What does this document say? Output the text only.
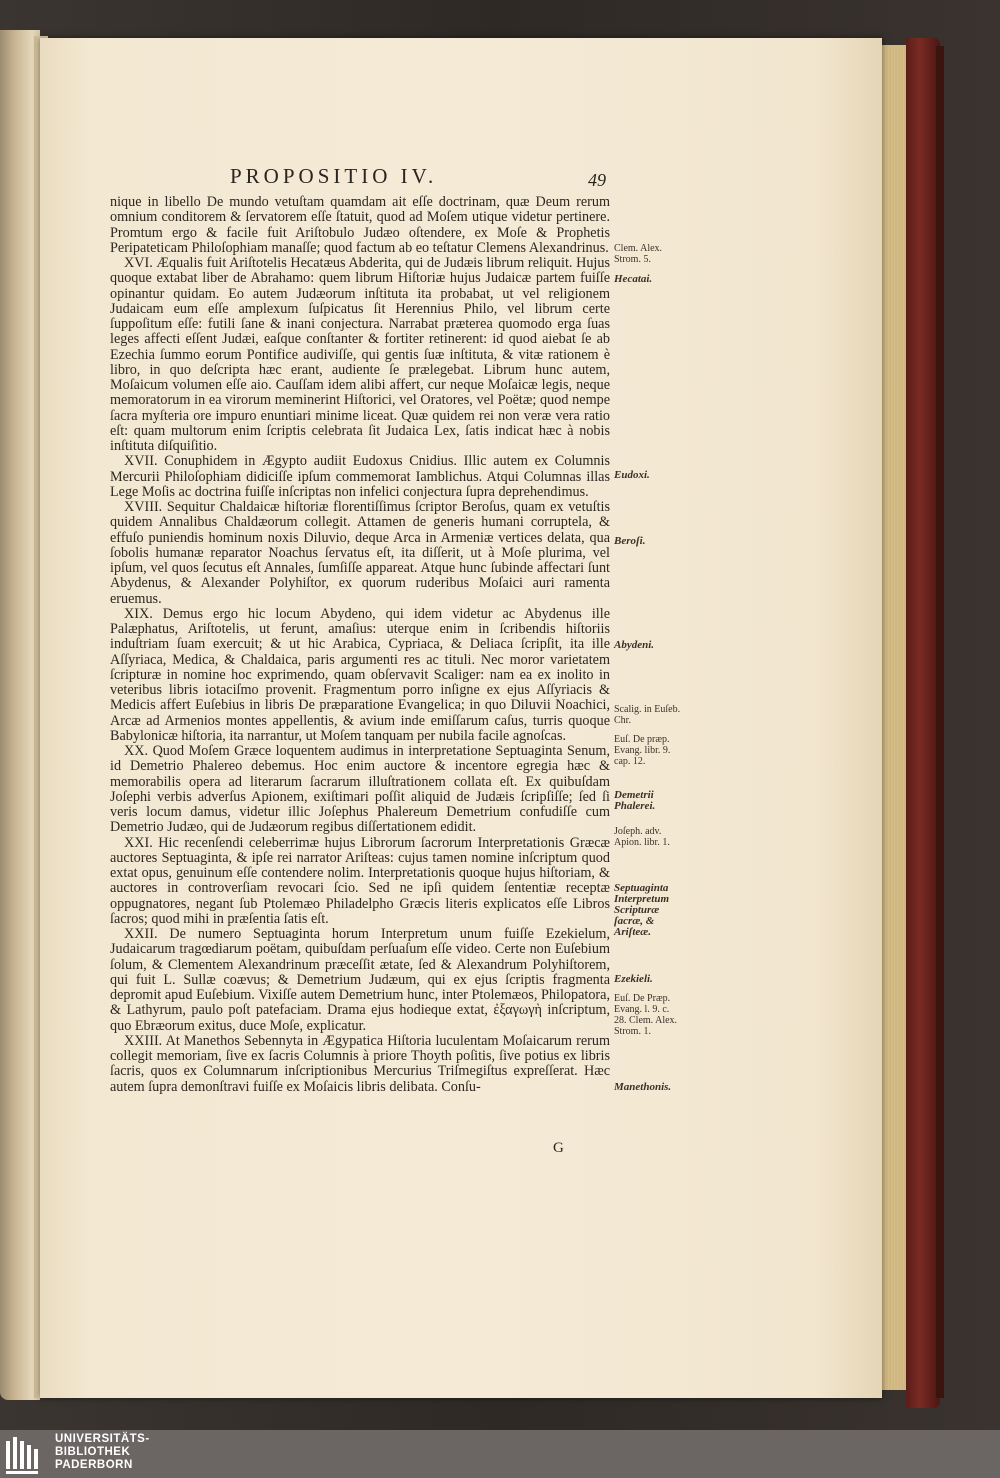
PROPOSITIO IV.	49

nique in libello De mundo vetuſtam quamdam ait eſſe doctrinam, quæ Deum rerum omnium conditorem & ſervatorem eſſe ſtatuit, quod ad Moſem utique videtur pertinere. Promtum ergo & facile fuit Ariſtobulo Judæo oſtendere, ex Moſe & Prophetis Peripateticam Philoſophiam manaſſe; quod factum ab eo teſtatur Clemens Alexandrinus.

XVI. Æqualis fuit Ariſtotelis Hecatæus Abderita, qui de Judæis librum reliquit. Hujus quoque extabat liber de Abrahamo: quem librum Hiſtoriæ hujus Judaicæ partem fuiſſe opinantur quidam. Eo autem Judæorum inſtituta ita probabat, ut vel religionem Judaicam eum eſſe amplexum ſuſpicatus ſit Herennius Philo, vel librum certe ſuppoſitum eſſe: futili ſane & inani conjectura. Narrabat præterea quomodo erga ſuas leges affecti eſſent Judæi, eaſque conſtanter & fortiter retinerent: id quod aiebat ſe ab Ezechia ſummo eorum Pontifice audiviſſe, qui gentis ſuæ inſtituta, & vitæ rationem è libro, in quo deſcripta hæc erant, audiente ſe prælegebat. Librum hunc autem, Moſaicum volumen eſſe aio. Cauſſam idem alibi affert, cur neque Moſaicæ legis, neque memoratorum in ea virorum meminerint Hiſtorici, vel Oratores, vel Poëtæ; quod nempe ſacra myſteria ore impuro enuntiari minime liceat. Quæ quidem rei non veræ vera ratio eſt: quam multorum enim ſcriptis celebrata ſit Judaica Lex, ſatis indicat hæc à nobis inſtituta diſquiſitio.

XVII. Conuphidem in Ægypto audiit Eudoxus Cnidius. Illic autem ex Columnis Mercurii Philoſophiam didiciſſe ipſum commemorat Iamblichus. Atqui Columnas illas Lege Moſis ac doctrina fuiſſe inſcriptas non infelici conjectura ſupra deprehendimus.

XVIII. Sequitur Chaldaicæ hiſtoriæ florentiſſimus ſcriptor Beroſus, quam ex vetuſtis quidem Annalibus Chaldæorum collegit. Attamen de generis humani corruptela, & effuſo puniendis hominum noxis Diluvio, deque Arca in Armeniæ vertices delata, qua ſobolis humanæ reparator Noachus ſervatus eſt, ita diſſerit, ut à Moſe plurima, vel ipſum, vel quos ſecutus eſt Annales, ſumſiſſe appareat. Atque hunc ſubinde affectari ſunt Abydenus, & Alexander Polyhiſtor, ex quorum ruderibus Moſaici auri ramenta eruemus.

XIX. Demus ergo hic locum Abydeno, qui idem videtur ac Abydenus ille Palæphatus, Ariſtotelis, ut ferunt, amaſius: uterque enim in ſcribendis hiſtoriis induſtriam ſuam exercuit; & ut hic Arabica, Cypriaca, & Deliaca ſcripſit, ita ille Aſſyriaca, Medica, & Chaldaica, paris argumenti res ac tituli. Nec moror varietatem ſcripturæ in nomine hoc exprimendo, quam obſervavit Scaliger: nam ea ex inolito in veteribus libris iotaciſmo provenit. Fragmentum porro inſigne ex ejus Aſſyriacis & Medicis affert Euſebius in libris De præparatione Evangelica; in quo Diluvii Noachici, Arcæ ad Armenios montes appellentis, & avium inde emiſſarum caſus, turris quoque Babylonicæ hiſtoria, ita narrantur, ut Moſem tanquam per nubila facile agnoſcas.

XX. Quod Moſem Græce loquentem audimus in interpretatione Septuaginta Senum, id Demetrio Phalereo debemus. Hoc enim auctore & incentore egregia hæc & memorabilis opera ad literarum ſacrarum illuſtrationem collata eſt. Ex quibuſdam Joſephi verbis adverſus Apionem, exiſtimari poſſit aliquid de Judæis ſcripſiſſe; ſed ſi veris locum damus, videtur illic Joſephus Phalereum Demetrium confudiſſe cum Demetrio Judæo, qui de Judæorum regibus diſſertationem edidit.

XXI. Hic recenſendi celeberrimæ hujus Librorum ſacrorum Interpretationis Græcæ auctores Septuaginta, & ipſe rei narrator Ariſteas: cujus tamen nomine inſcriptum quod extat opus, genuinum eſſe contendere nolim. Interpretationis quoque hujus hiſtoriam, & auctores in controverſiam revocari ſcio. Sed ne ipſi quidem ſententiæ receptæ oppugnatores, negant ſub Ptolemæo Philadelpho Græcis literis explicatos eſſe Libros ſacros; quod mihi in præſentia ſatis eſt.

XXII. De numero Septuaginta horum Interpretum unum fuiſſe Ezekielum, Judaicarum tragœdiarum poëtam, quibuſdam perſuaſum eſſe video. Certe non Euſebium ſolum, & Clementem Alexandrinum præceſſit ætate, ſed & Alexandrum Polyhiſtorem, qui fuit L. Sullæ coævus; & Demetrium Judæum, qui ex ejus ſcriptis fragmenta depromit apud Euſebium. Vixiſſe autem Demetrium hunc, inter Ptolemæos, Philopatora, & Lathyrum, paulo poſt patefaciam. Drama ejus hodieque extat, ἐξαγωγὴ inſcriptum, quo Ebræorum exitus, duce Moſe, explicatur.

XXIII. At Manethos Sebennyta in Ægypatica Hiſtoria luculentam Moſaicarum rerum collegit memoriam, ſive ex ſacris Columnis à priore Thoyth poſitis, ſive potius ex libris ſacris, quos ex Columnarum inſcriptionibus Mercurius Triſmegiſtus expreſſerat. Hæc autem ſupra demonſtravi fuiſſe ex Moſaicis libris delibata. Conſu-

Clem. Alex. Strom. 5.
Hecatai.
Eudoxi.
Beroſi.
Abydeni.
Scalig. in Euſeb. Chr.
Euſ. De præp. Evang. libr. 9. cap. 12.
Demetrii Phalerei.
Joſeph. adv. Apion. libr. 1.
Septuaginta Interpretum Scripturæ ſacræ, & Ariſteæ.
Ezekieli.
Euſ. De Præp. Evang. l. 9. c. 28. Clem. Alex. Strom. 1.
Manethonis.
G
UNIVERSITÄTS-
BIBLIOTHEK
PADERBORN
